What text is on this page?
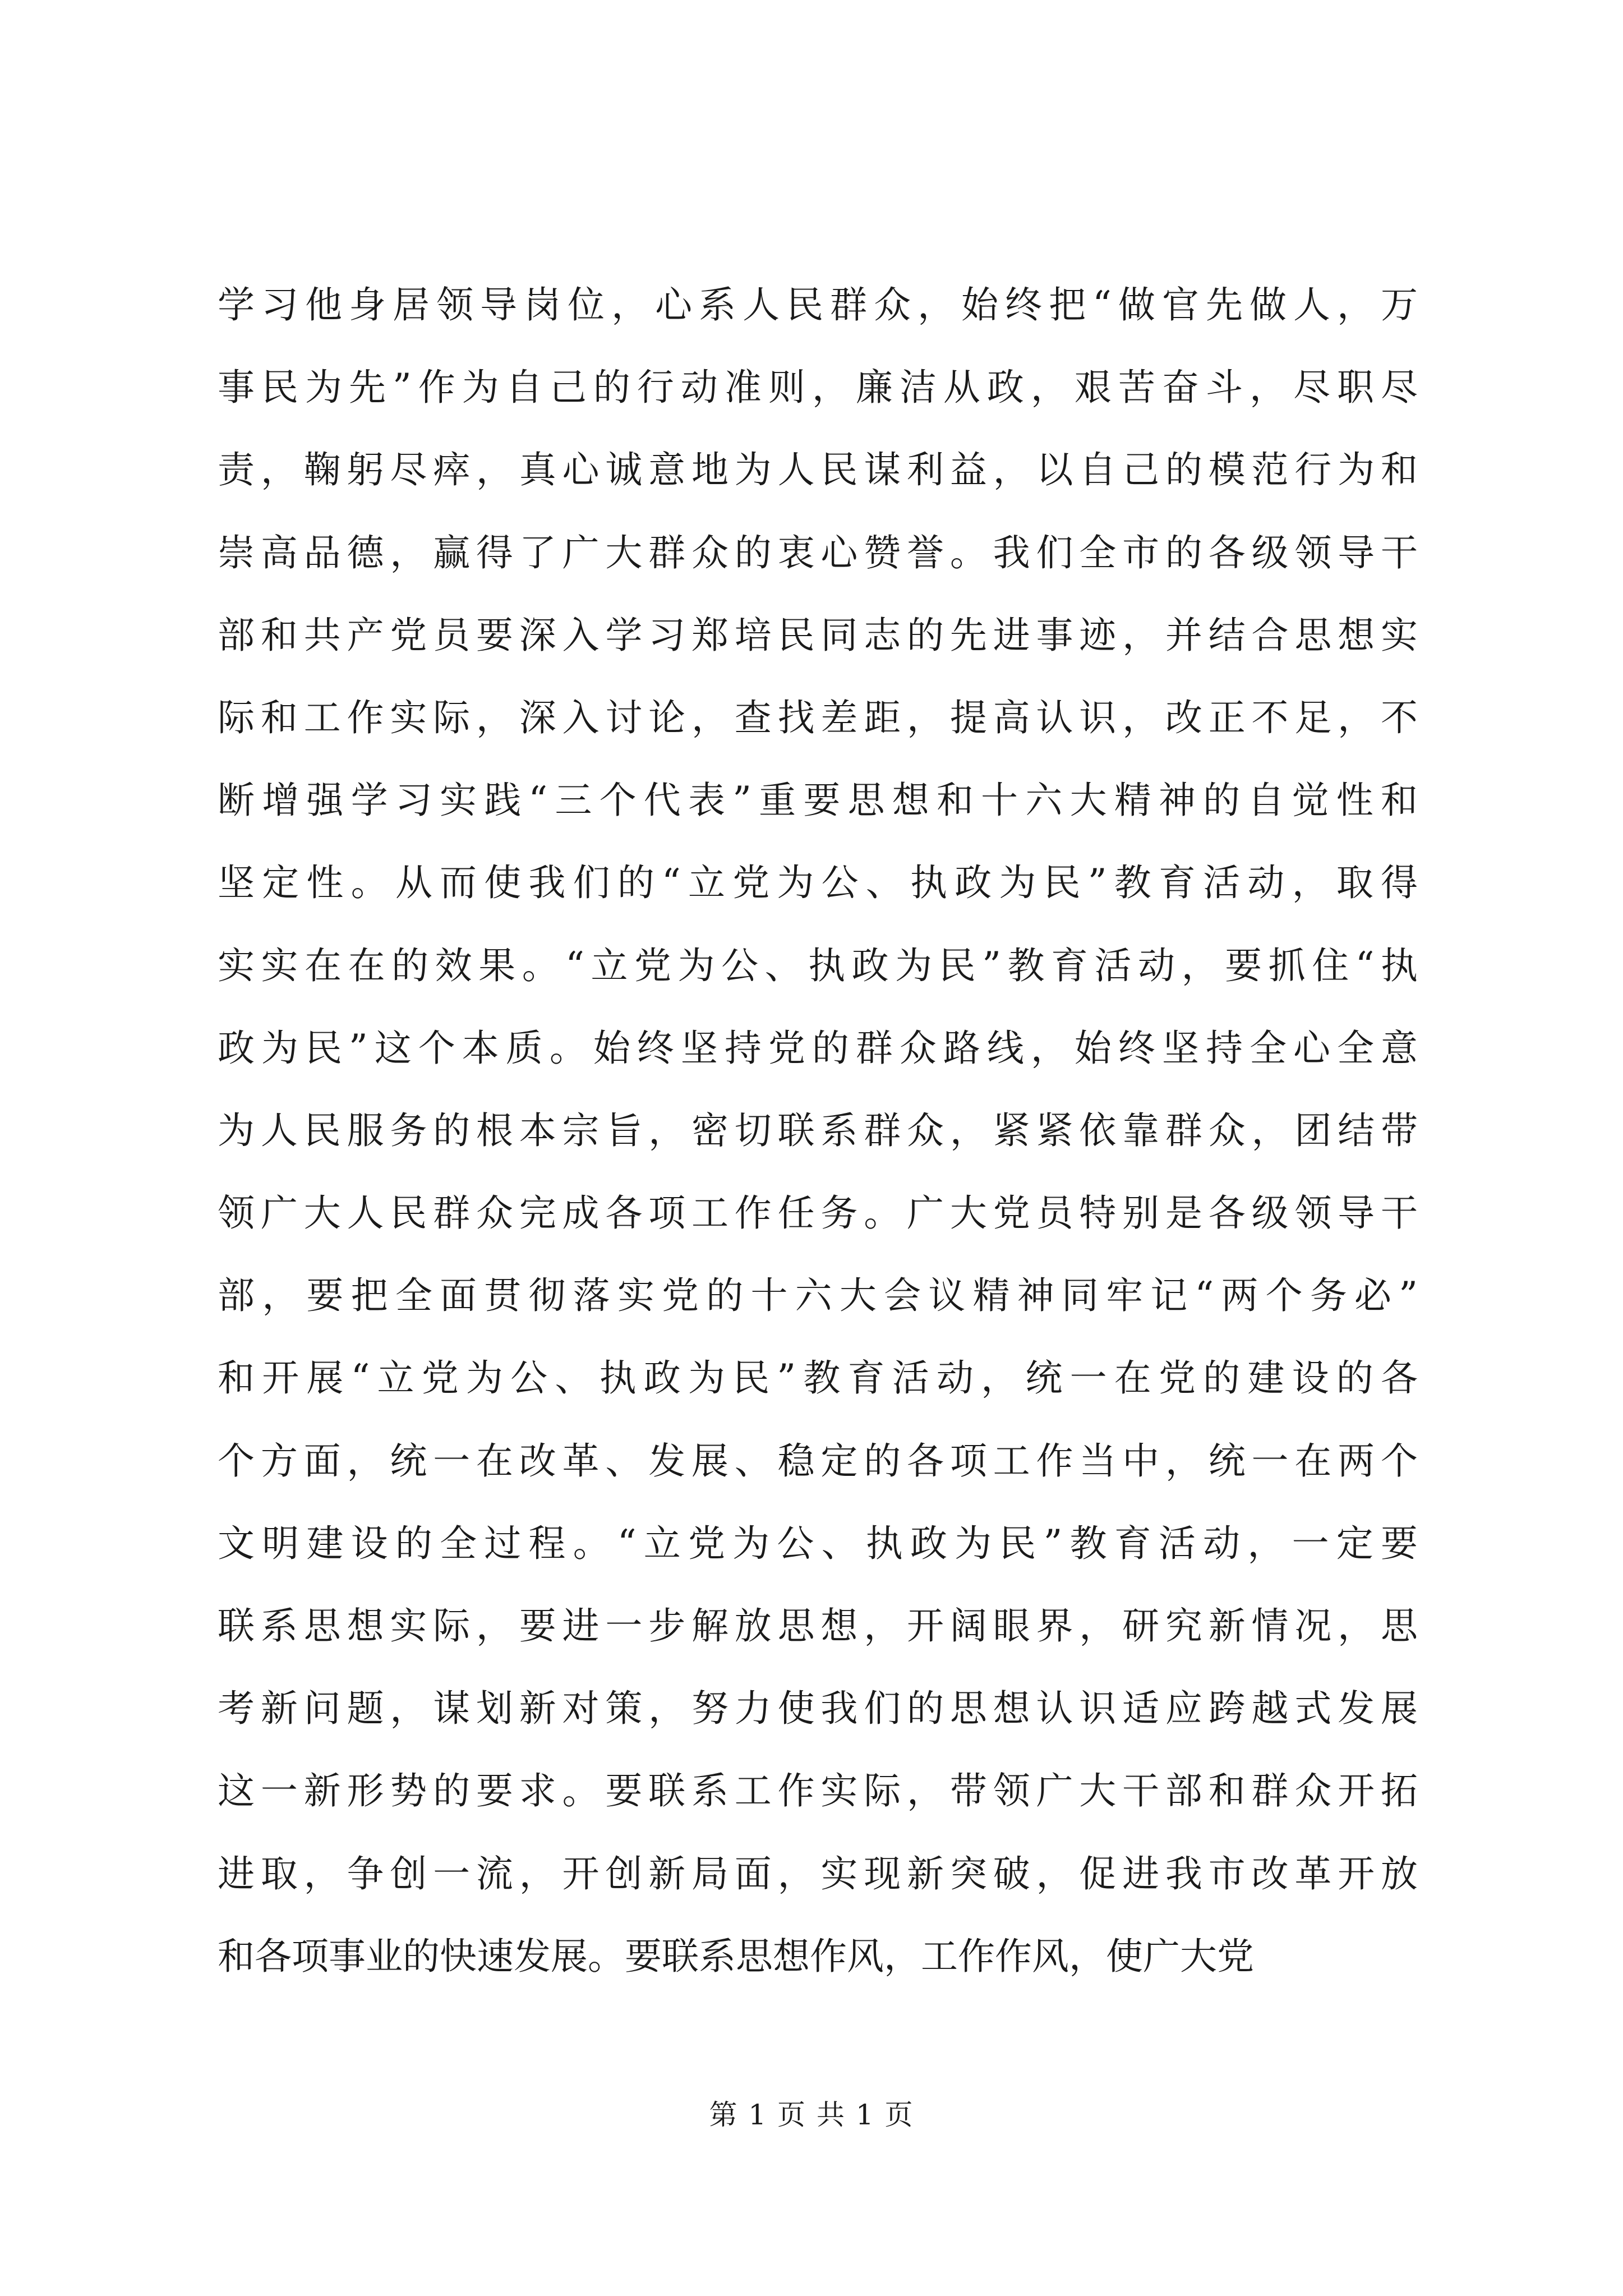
学习他身居领导岗位，心系人民群众，始终把“做官先做人，万
事民为先”作为自己的行动准则，廉洁从政，艰苦奋斗，尽职尽
责，鞠躬尽瘁，真心诚意地为人民谋利益，以自己的模范行为和
崇高品德，赢得了广大群众的衷心赞誉。我们全市的各级领导干
部和共产党员要深入学习郑培民同志的先进事迹，并结合思想实
际和工作实际，深入讨论，查找差距，提高认识，改正不足，不
断增强学习实践“三个代表”重要思想和十六大精神的自觉性和
坚定性。从而使我们的“立党为公、执政为民”教育活动，取得
实实在在的效果。“立党为公、执政为民”教育活动，要抓住“执
政为民”这个本质。始终坚持党的群众路线，始终坚持全心全意
为人民服务的根本宗旨，密切联系群众，紧紧依靠群众，团结带
领广大人民群众完成各项工作任务。广大党员特别是各级领导干
部，要把全面贯彻落实党的十六大会议精神同牢记“两个务必”
和开展“立党为公、执政为民”教育活动，统一在党的建设的各
个方面，统一在改革、发展、稳定的各项工作当中，统一在两个
文明建设的全过程。“立党为公、执政为民”教育活动，一定要
联系思想实际，要进一步解放思想，开阔眼界，研究新情况，思
考新问题，谋划新对策，努力使我们的思想认识适应跨越式发展
这一新形势的要求。要联系工作实际，带领广大干部和群众开拓
进取，争创一流，开创新局面，实现新突破，促进我市改革开放
和各项事业的快速发展。要联系思想作风，工作作风，使广大党
第 1 页 共 1 页
